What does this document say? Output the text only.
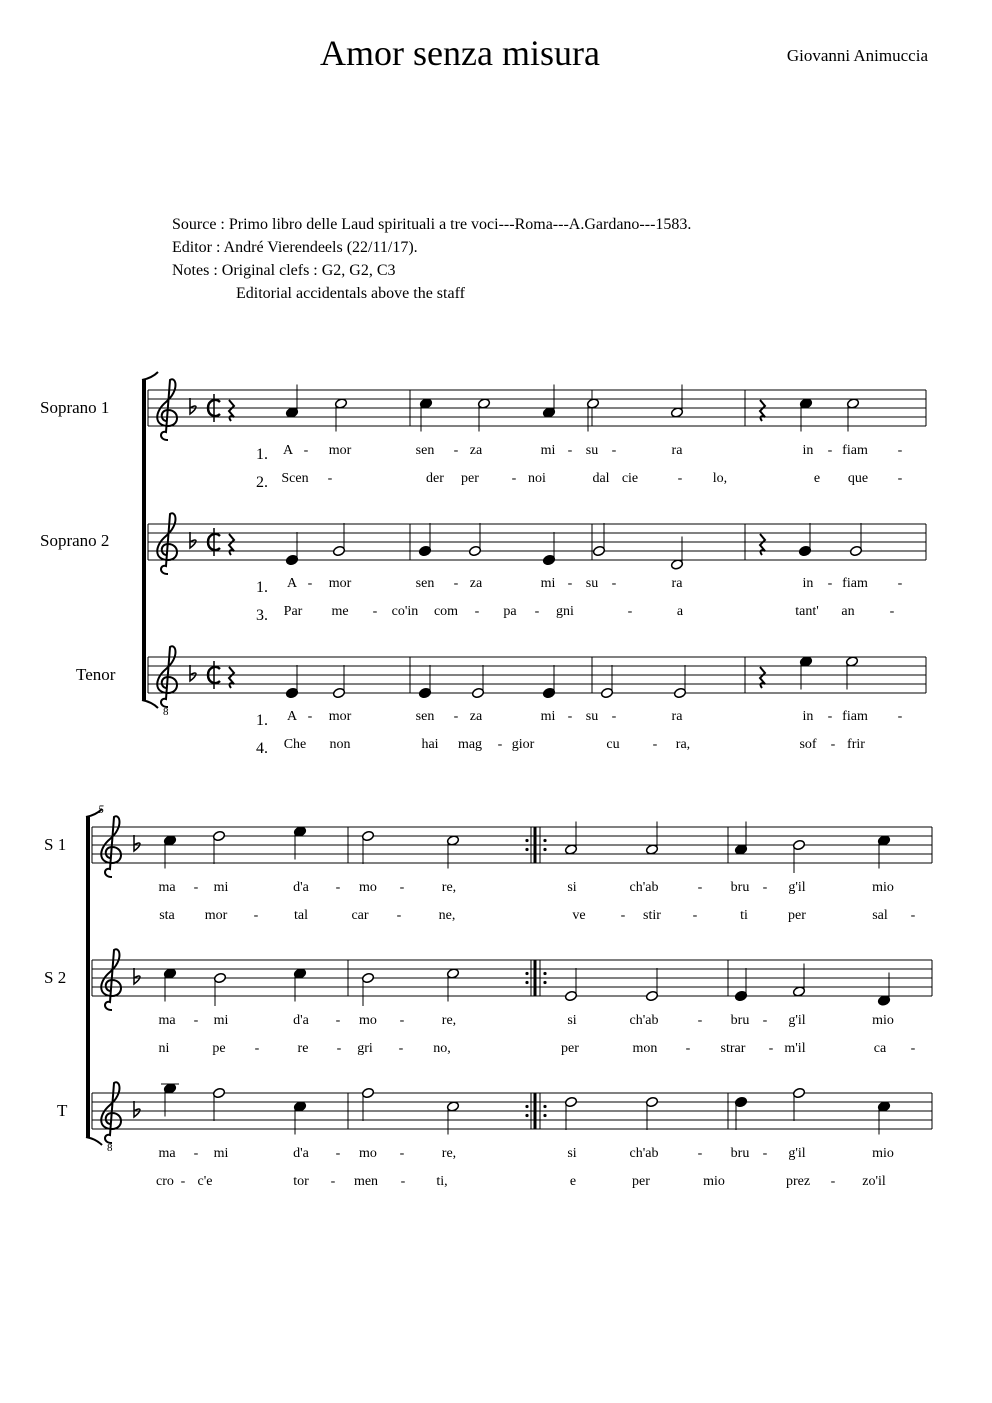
Amor senza misura	Giovanni Animuccia
Source : Primo libro delle Laud spirituali a tre voci---Roma---A.Gardano---1583.
Editor : André Vierendeels (22/11/17).
Notes : Original clefs : G2, G2, C3
Editorial accidentals above the staff
Soprano 1
Soprano 2
Tenor
S 1
S 2
T
1. A - mor	sen - za	mi - su -	ra	in - fiam -
2. Scen -	der per - noi	dal cie	- lo,	e que -
1. A - mor	sen - za	mi - su -	ra	in - fiam -
3. Par me - co'in com - pa - gni	-	a	tant' an	-
8	1. A - mor	sen - za	mi - su -	ra	in - fiam -
4. Che non	hai mag - gior	cu - ra,	sof - frir
5
ma - mi	d'a - mo -	re,	si	ch'ab	- bru - g'il	mio
sta mor -	tal	car -	ne,	ve	- stir -	ti	per	sal -
ma - mi	d'a - mo -	re,	si	ch'ab	- bru - g'il	mio
ni	pe -	re - gri - no,	per	mon - strar - m'il	ca -
8	ma - mi	d'a - mo -	re,	si	ch'ab	- bru - g'il	mio
cro - c'e	tor - men - ti,	e	per	mio	prez - zo'il
